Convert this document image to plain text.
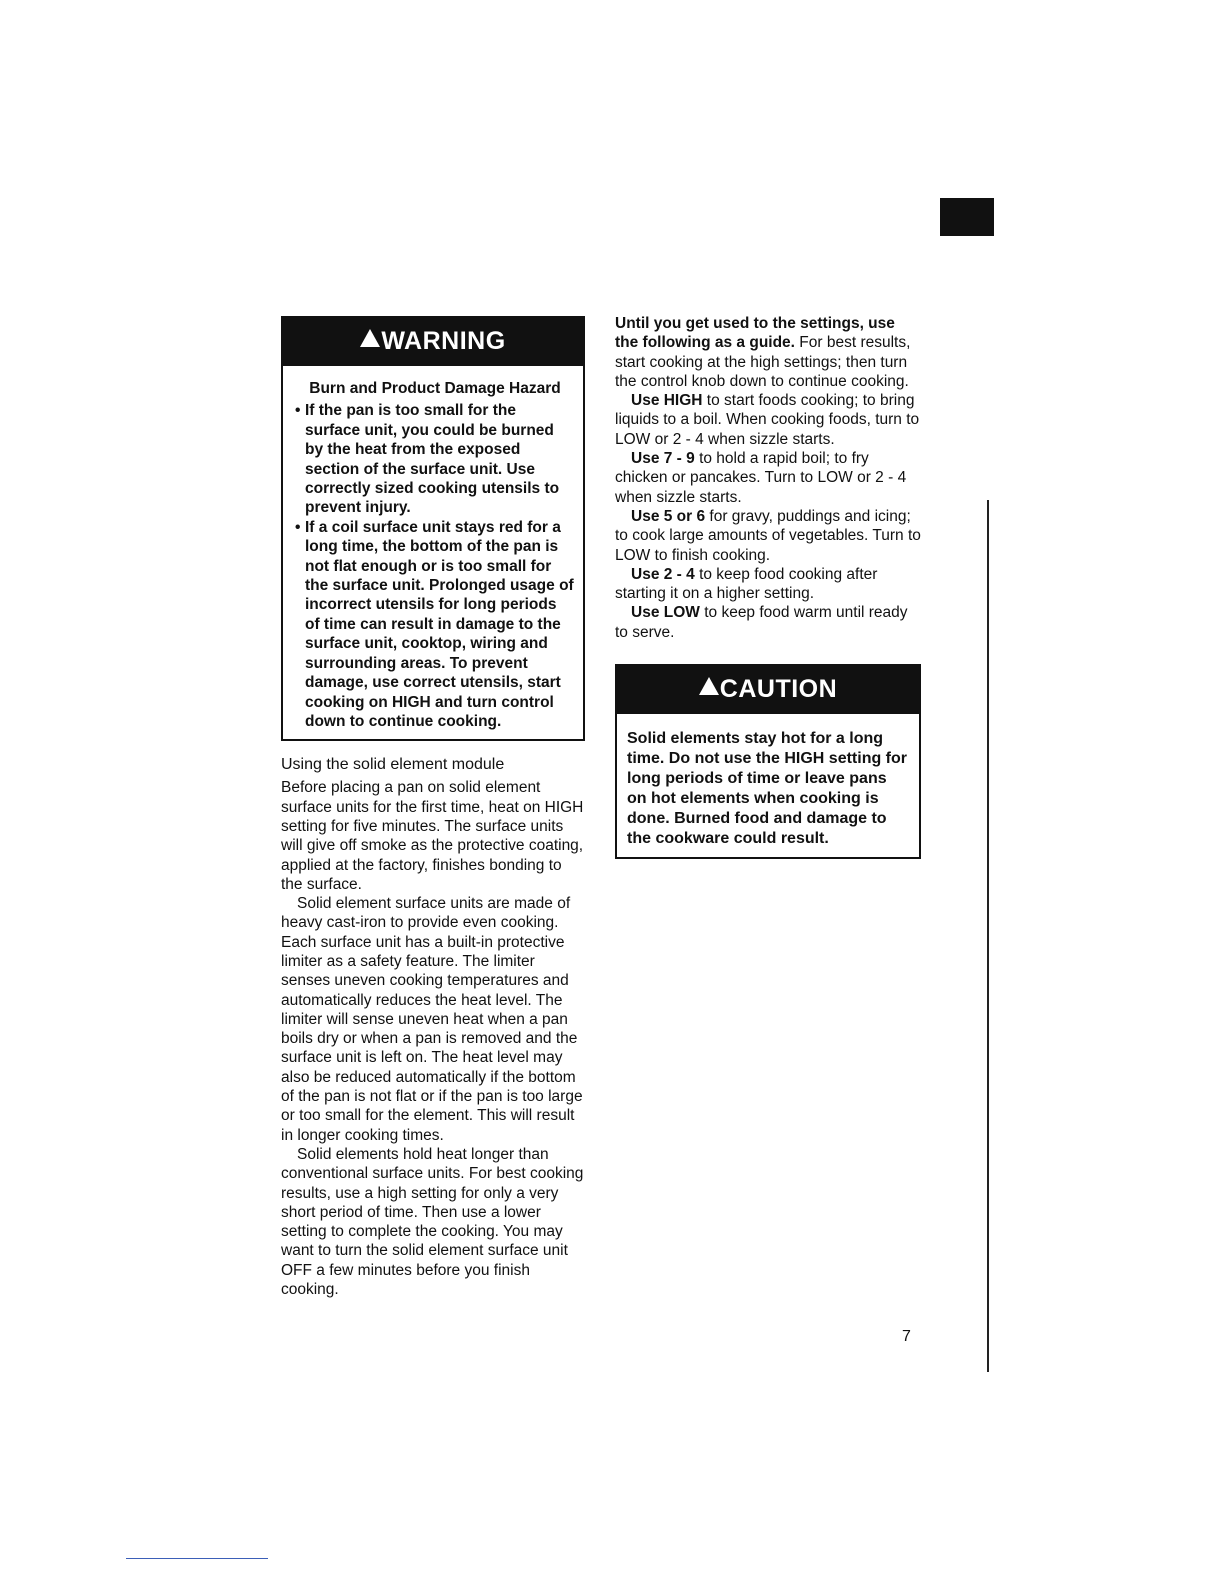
WARNING
Burn and Product Damage Hazard
• If the pan is too small for the surface unit, you could be burned by the heat from the exposed section of the surface unit. Use correctly sized cooking utensils to prevent injury.
• If a coil surface unit stays red for a long time, the bottom of the pan is not flat enough or is too small for the surface unit. Prolonged usage of incorrect utensils for long periods of time can result in damage to the surface unit, cooktop, wiring and surrounding areas. To prevent damage, use correct utensils, start cooking on HIGH and turn control down to continue cooking.
Using the solid element module

Before placing a pan on solid element surface units for the first time, heat on HIGH setting for five minutes. The surface units will give off smoke as the protective coating, applied at the factory, finishes bonding to the surface.

Solid element surface units are made of heavy cast-iron to provide even cooking. Each surface unit has a built-in protective limiter as a safety feature. The limiter senses uneven cooking temperatures and automatically reduces the heat level. The limiter will sense uneven heat when a pan boils dry or when a pan is removed and the surface unit is left on. The heat level may also be reduced automatically if the bottom of the pan is not flat or if the pan is too large or too small for the element. This will result in longer cooking times.

Solid elements hold heat longer than conventional surface units. For best cooking results, use a high setting for only a very short period of time. Then use a lower setting to complete the cooking. You may want to turn the solid element surface unit OFF a few minutes before you finish cooking.

Until you get used to the settings, use the following as a guide. For best results, start cooking at the high settings; then turn the control knob down to continue cooking.

Use HIGH to start foods cooking; to bring liquids to a boil. When cooking foods, turn to LOW or 2 - 4 when sizzle starts.

Use 7 - 9 to hold a rapid boil; to fry chicken or pancakes. Turn to LOW or 2 - 4 when sizzle starts.

Use 5 or 6 for gravy, puddings and icing; to cook large amounts of vegetables. Turn to LOW to finish cooking.

Use 2 - 4 to keep food cooking after starting it on a higher setting.

Use LOW to keep food warm until ready to serve.

CAUTION
Solid elements stay hot for a long time. Do not use the HIGH setting for long periods of time or leave pans on hot elements when cooking is done. Burned food and damage to the cookware could result.
7
